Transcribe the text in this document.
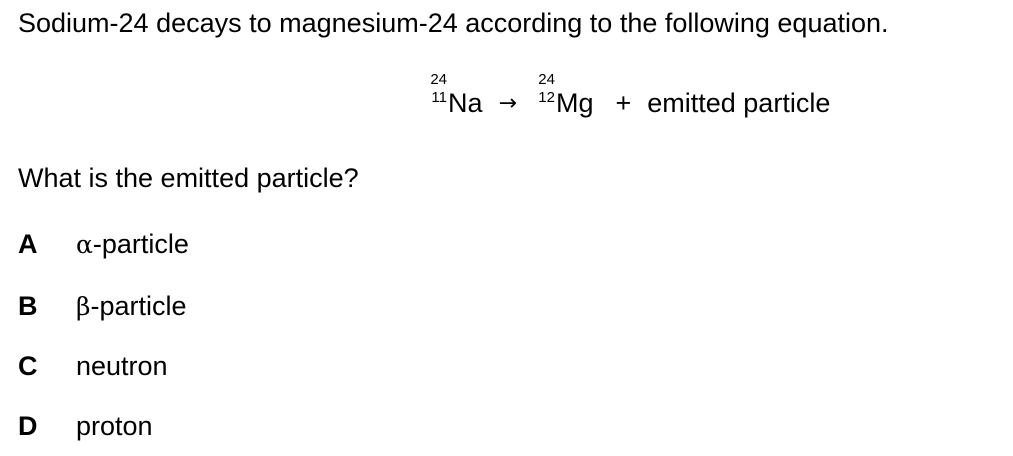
Sodium-24 decays to magnesium-24 according to the following equation.
24
11 Na →
24
12 Mg + emitted particle
What is the emitted particle?
A α-particle
B β-particle
C neutron
D proton
